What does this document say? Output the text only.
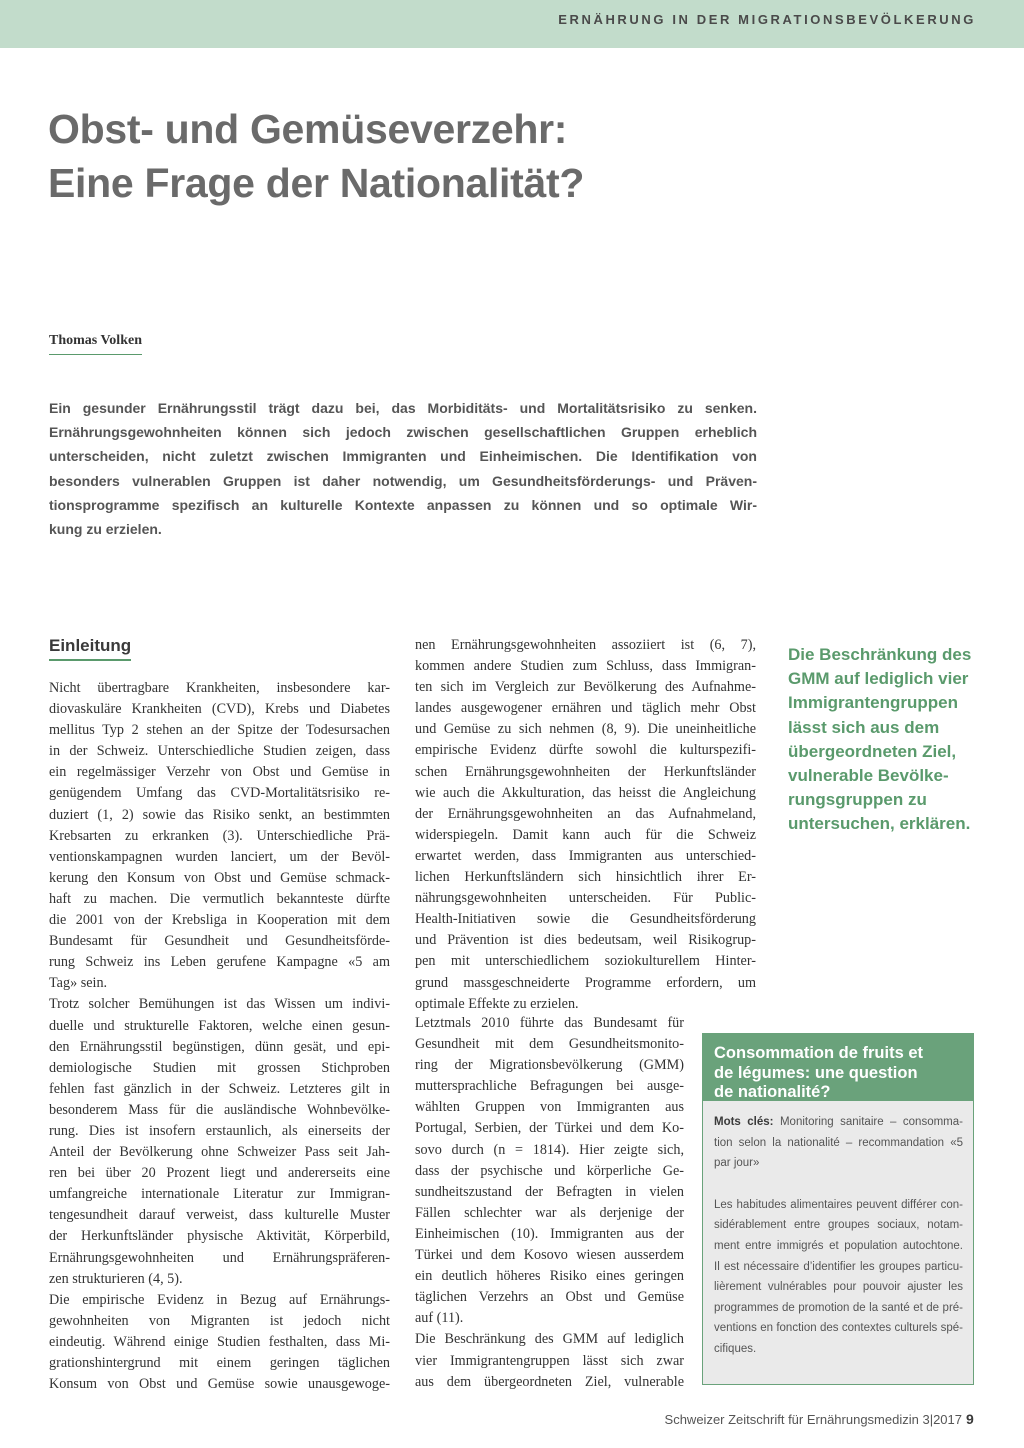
ERNÄHRUNG IN DER MIGRATIONSBEVÖLKERUNG
Obst- und Gemüseverzehr:
Eine Frage der Nationalität?
Thomas Volken
Ein gesunder Ernährungsstil trägt dazu bei, das Morbiditäts- und Mortalitätsrisiko zu senken.
Ernährungsgewohnheiten können sich jedoch zwischen gesellschaftlichen Gruppen erheblich
unterscheiden, nicht zuletzt zwischen Immigranten und Einheimischen. Die Identifikation von
besonders vulnerablen Gruppen ist daher notwendig, um Gesundheitsförderungs- und Präven-
tionsprogramme spezifisch an kulturelle Kontexte anpassen zu können und so optimale Wir-
kung zu erzielen.
Einleitung
Nicht übertragbare Krankheiten, insbesondere kar-
diovaskuläre Krankheiten (CVD), Krebs und Diabetes
mellitus Typ 2 stehen an der Spitze der Todesursachen
in der Schweiz. Unterschiedliche Studien zeigen, dass
ein regelmässiger Verzehr von Obst und Gemüse in
genügendem Umfang das CVD-Mortalitätsrisiko re-
duziert (1, 2) sowie das Risiko senkt, an bestimmten
Krebsarten zu erkranken (3). Unterschiedliche Prä-
ventionskampagnen wurden lanciert, um der Bevöl-
kerung den Konsum von Obst und Gemüse schmack-
haft zu machen. Die vermutlich bekannteste dürfte
die 2001 von der Krebsliga in Kooperation mit dem
Bundesamt für Gesundheit und Gesundheitsförde-
rung Schweiz ins Leben gerufene Kampagne «5 am
Tag» sein.
Trotz solcher Bemühungen ist das Wissen um indivi-
duelle und strukturelle Faktoren, welche einen gesun-
den Ernährungsstil begünstigen, dünn gesät, und epi-
demiologische Studien mit grossen Stichproben
fehlen fast gänzlich in der Schweiz. Letzteres gilt in
besonderem Mass für die ausländische Wohnbevölke-
rung. Dies ist insofern erstaunlich, als einerseits der
Anteil der Bevölkerung ohne Schweizer Pass seit Jah-
ren bei über 20 Prozent liegt und andererseits eine
umfangreiche internationale Literatur zur Immigran-
tengesundheit darauf verweist, dass kulturelle Muster
der Herkunftsländer physische Aktivität, Körperbild,
Ernährungsgewohnheiten und Ernährungspräferen-
zen strukturieren (4, 5).
Die empirische Evidenz in Bezug auf Ernährungs-
gewohnheiten von Migranten ist jedoch nicht
eindeutig. Während einige Studien festhalten, dass Mi-
grationshintergrund mit einem geringen täglichen
Konsum von Obst und Gemüse sowie unausgewoge-
nen Ernährungsgewohnheiten assoziiert ist (6, 7),
kommen andere Studien zum Schluss, dass Immigran-
ten sich im Vergleich zur Bevölkerung des Aufnahme-
landes ausgewogener ernähren und täglich mehr Obst
und Gemüse zu sich nehmen (8, 9). Die uneinheitliche
empirische Evidenz dürfte sowohl die kulturspezifi-
schen Ernährungsgewohnheiten der Herkunftsländer
wie auch die Akkulturation, das heisst die Angleichung
der Ernährungsgewohnheiten an das Aufnahmeland,
widerspiegeln. Damit kann auch für die Schweiz
erwartet werden, dass Immigranten aus unterschied-
lichen Herkunftsländern sich hinsichtlich ihrer Er-
nährungsgewohnheiten unterscheiden. Für Public-
Health-Initiativen sowie die Gesundheitsförderung
und Prävention ist dies bedeutsam, weil Risikogrup-
pen mit unterschiedlichem soziokulturellem Hinter-
grund massgeschneiderte Programme erfordern, um
optimale Effekte zu erzielen.
Letztmals 2010 führte das Bundesamt für
Gesundheit mit dem Gesundheitsmonito-
ring der Migrationsbevölkerung (GMM)
muttersprachliche Befragungen bei ausge-
wählten Gruppen von Immigranten aus
Portugal, Serbien, der Türkei und dem Ko-
sovo durch (n = 1814). Hier zeigte sich,
dass der psychische und körperliche Ge-
sundheitszustand der Befragten in vielen
Fällen schlechter war als derjenige der
Einheimischen (10). Immigranten aus der
Türkei und dem Kosovo wiesen ausserdem
ein deutlich höheres Risiko eines geringen
täglichen Verzehrs an Obst und Gemüse
auf (11).
Die Beschränkung des GMM auf lediglich
vier Immigrantengruppen lässt sich zwar
aus dem übergeordneten Ziel, vulnerable
Die Beschränkung des
GMM auf lediglich vier
Immigrantengruppen
lässt sich aus dem
übergeordneten Ziel,
vulnerable Bevölke-
rungsgruppen zu
untersuchen, erklären.
Consommation de fruits et
de légumes: une question
de nationalité?
Mots clés: Monitoring sanitaire – consomma-
tion selon la nationalité – recommandation «5
par jour»
Les habitudes alimentaires peuvent différer con-
sidérablement entre groupes sociaux, notam-
ment entre immigrés et population autochtone.
Il est nécessaire d’identifier les groupes particu-
lièrement vulnérables pour pouvoir ajuster les
programmes de promotion de la santé et de pré-
ventions en fonction des contextes culturels spé-
cifiques.
Schweizer Zeitschrift für Ernährungsmedizin 3|2017 9
